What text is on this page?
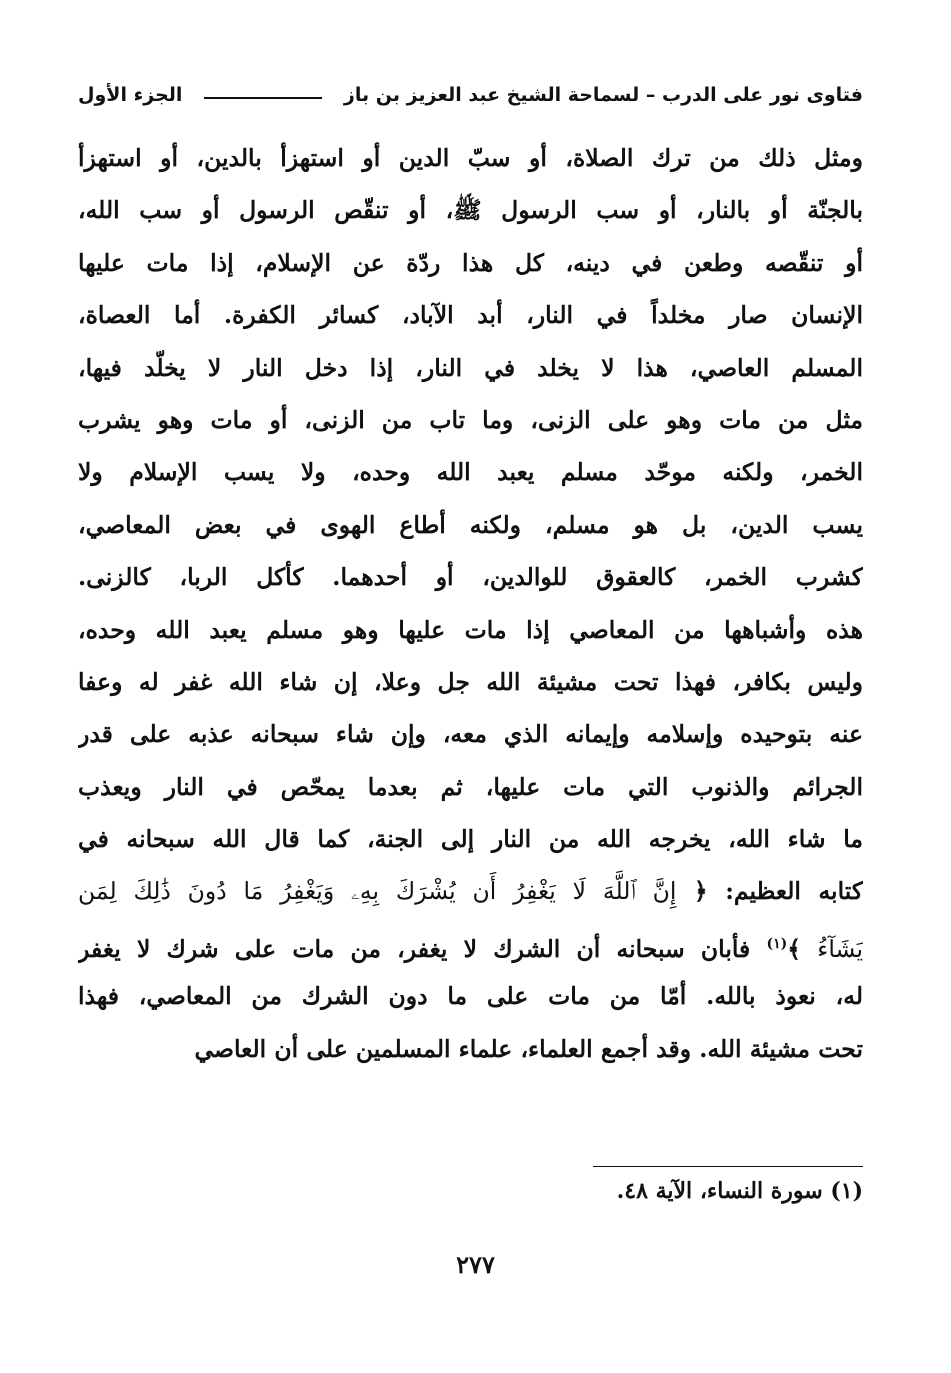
فتاوى نور على الدرب – لسماحة الشيخ عبد العزيز بن باز
الجزء الأول
ومثل ذلك من ترك الصلاة، أو سبّ الدين أو استهزأ بالدين، أو استهزأ
بالجنّة أو بالنار، أو سب الرسول ﷺ، أو تنقّص الرسول أو سب الله،
أو تنقّصه وطعن في دينه، كل هذا ردّة عن الإسلام، إذا مات عليها
الإنسان صار مخلداً في النار، أبد الآباد، كسائر الكفرة. أما العصاة،
المسلم العاصي، هذا لا يخلد في النار، إذا دخل النار لا يخلّد فيها،
مثل من مات وهو على الزنى، وما تاب من الزنى، أو مات وهو يشرب
الخمر، ولكنه موحّد مسلم يعبد الله وحده، ولا يسب الإسلام ولا
يسب الدين، بل هو مسلم، ولكنه أطاع الهوى في بعض المعاصي،
كشرب الخمر، كالعقوق للوالدين، أو أحدهما. كأكل الربا، كالزنى.
هذه وأشباهها من المعاصي إذا مات عليها وهو مسلم يعبد الله وحده،
وليس بكافر، فهذا تحت مشيئة الله جل وعلا، إن شاء الله غفر له وعفا
عنه بتوحيده وإسلامه وإيمانه الذي معه، وإن شاء سبحانه عذبه على قدر
الجرائم والذنوب التي مات عليها، ثم بعدما يمحّص في النار ويعذب
ما شاء الله، يخرجه الله من النار إلى الجنة، كما قال الله سبحانه في
كتابه العظيم: ﴿ إِنَّ ٱللَّهَ لَا يَغْفِرُ أَن يُشْرَكَ بِهِۦ وَيَغْفِرُ مَا دُونَ ذَٰلِكَ لِمَن
يَشَآءُ ﴾$^{(١)}$ فأبان سبحانه أن الشرك لا يغفر، من مات على شرك لا يغفر
له، نعوذ بالله. أمّا من مات على ما دون الشرك من المعاصي، فهذا
تحت مشيئة الله. وقد أجمع العلماء، علماء المسلمين على أن العاصي
(١) سورة النساء، الآية ٤٨.
٢٧٧
